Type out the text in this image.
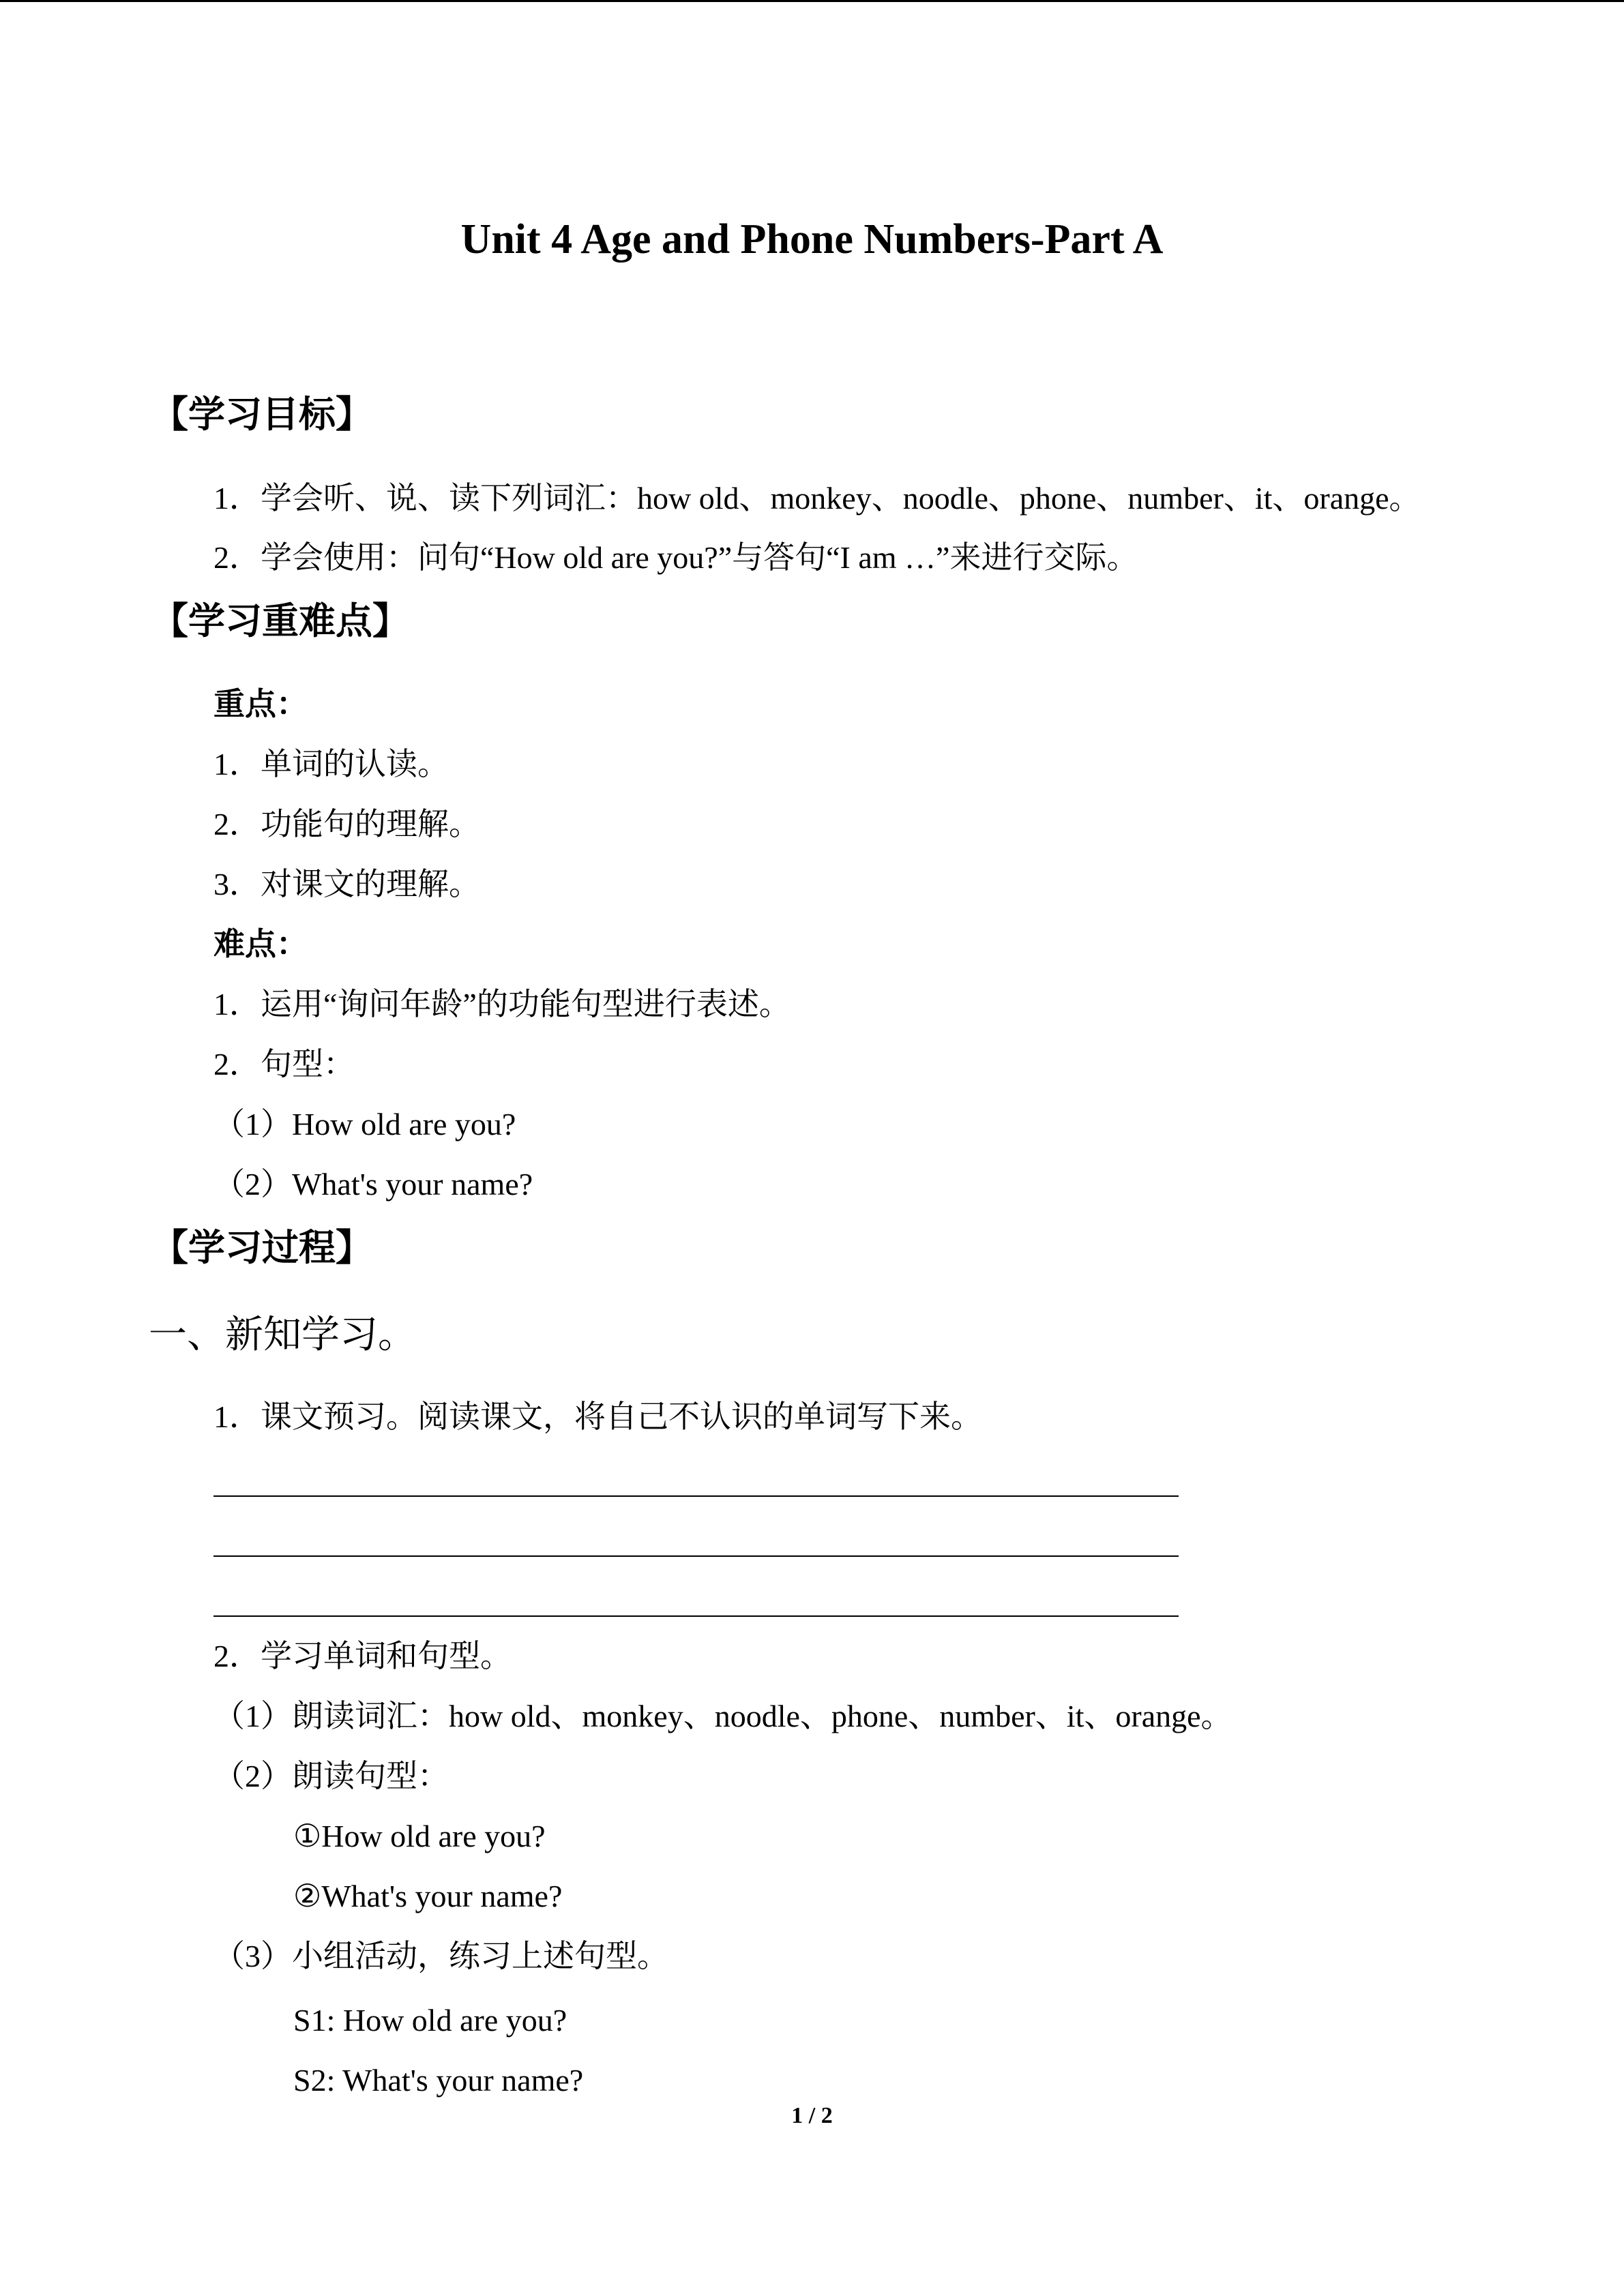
Unit 4 Age and Phone Numbers-Part A
【学习目标】
1．学会听、说、读下列词汇：how old、monkey、noodle、phone、number、it、orange。
2．学会使用：问句“How old are you?”与答句“I am …”来进行交际。
【学习重难点】
重点：
1．单词的认读。
2．功能句的理解。
3．对课文的理解。
难点：
1．运用“询问年龄”的功能句型进行表述。
2．句型：
（1）How old are you?
（2）What's your name?
【学习过程】
一、新知学习。
1．课文预习。阅读课文，将自己不认识的单词写下来。
2．学习单词和句型。
（1）朗读词汇：how old、monkey、noodle、phone、number、it、orange。
（2）朗读句型：
①How old are you?
②What's your name?
（3）小组活动，练习上述句型。
S1: How old are you?
S2: What's your name?
1 / 2
